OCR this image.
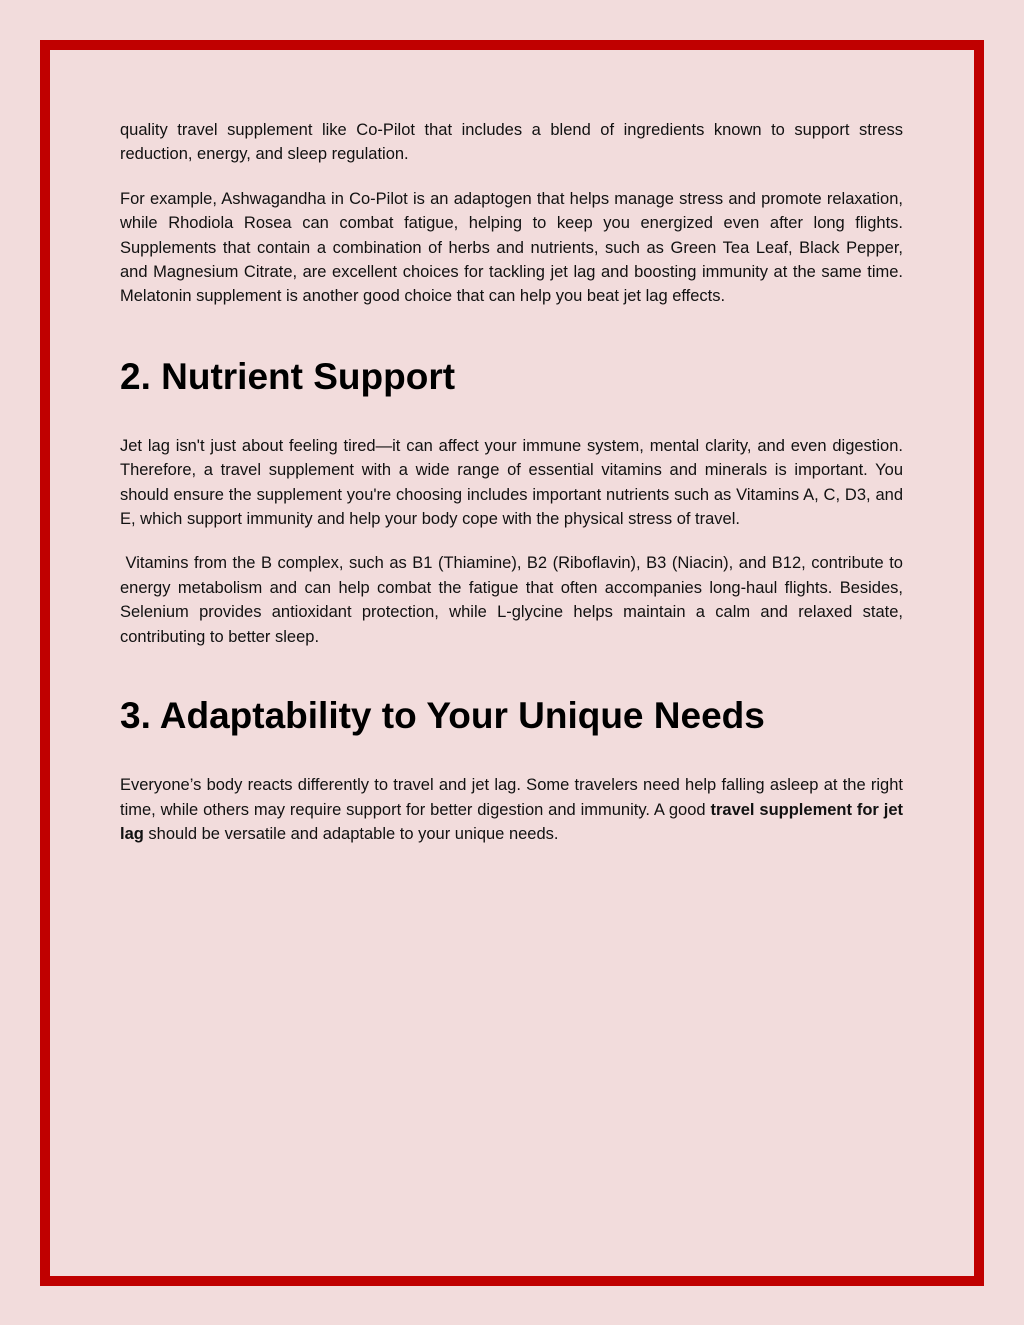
quality travel supplement like Co-Pilot that includes a blend of ingredients known to support stress reduction, energy, and sleep regulation.

For example, Ashwagandha in Co-Pilot is an adaptogen that helps manage stress and promote relaxation, while Rhodiola Rosea can combat fatigue, helping to keep you energized even after long flights. Supplements that contain a combination of herbs and nutrients, such as Green Tea Leaf, Black Pepper, and Magnesium Citrate, are excellent choices for tackling jet lag and boosting immunity at the same time. Melatonin supplement is another good choice that can help you beat jet lag effects.

2. Nutrient Support

Jet lag isn't just about feeling tired—it can affect your immune system, mental clarity, and even digestion. Therefore, a travel supplement with a wide range of essential vitamins and minerals is important. You should ensure the supplement you're choosing includes important nutrients such as Vitamins A, C, D3, and E, which support immunity and help your body cope with the physical stress of travel.

Vitamins from the B complex, such as B1 (Thiamine), B2 (Riboflavin), B3 (Niacin), and B12, contribute to energy metabolism and can help combat the fatigue that often accompanies long-haul flights. Besides, Selenium provides antioxidant protection, while L-glycine helps maintain a calm and relaxed state, contributing to better sleep.

3. Adaptability to Your Unique Needs

Everyone’s body reacts differently to travel and jet lag. Some travelers need help falling asleep at the right time, while others may require support for better digestion and immunity. A good travel supplement for jet lag should be versatile and adaptable to your unique needs.
